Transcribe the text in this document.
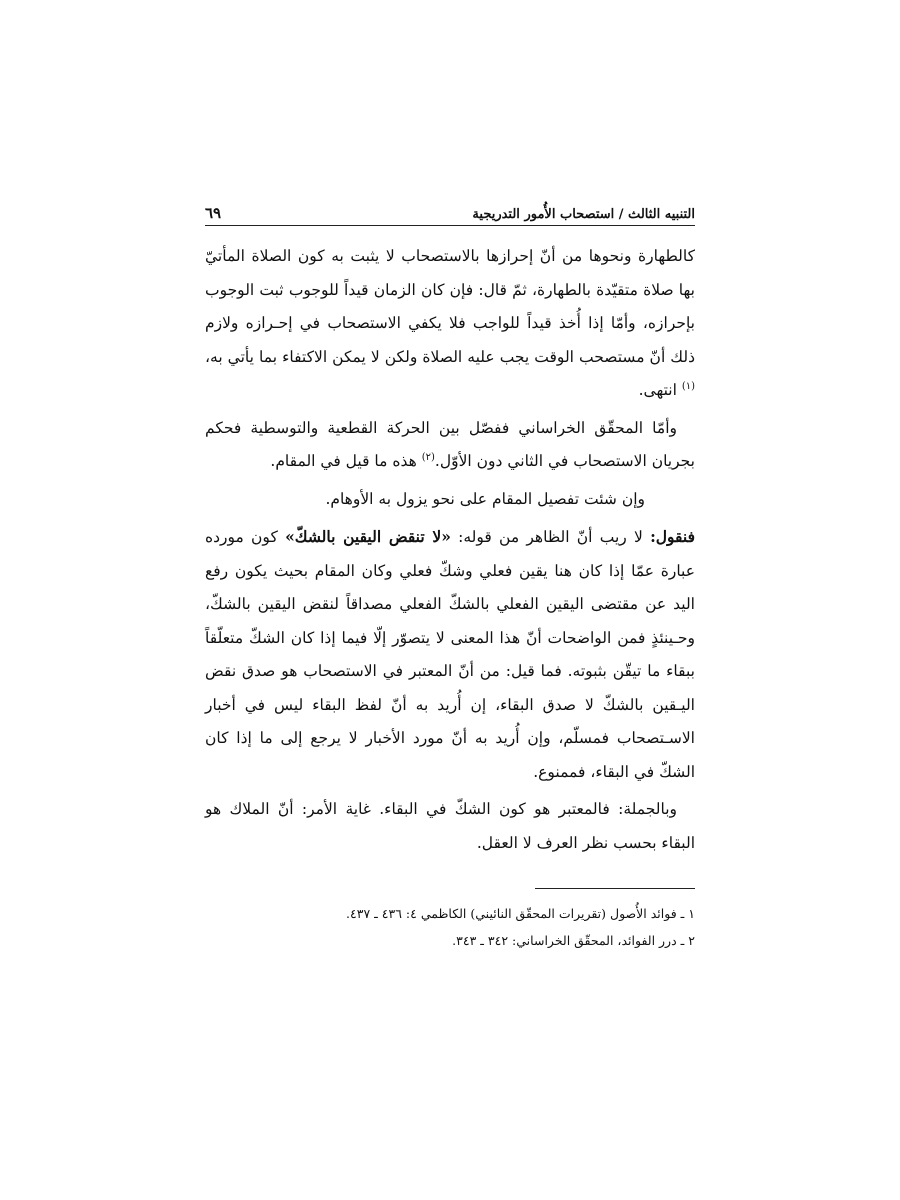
التنبيه الثالث / استصحاب الأُمور التدريجية
٦٩

كالطهارة ونحوها من أنّ إحرازها بالاستصحاب لا يثبت به كون الصلاة المأتيّ بها صلاة متقيّدة بالطهارة، ثمّ قال: فإن كان الزمان قيداً للوجوب ثبت الوجوب بإحرازه، وأمّا إذا أُخذ قيداً للواجب فلا يكفي الاستصحاب في إحـرازه ولازم ذلك أنّ مستصحب الوقت يجب عليه الصلاة ولكن لا يمكن الاكتفاء بما يأتي به،$^{(١)}$ انتهى.

وأمّا المحقّق الخراساني ففصّل بين الحركة القطعية والتوسطية فحكم بجريان الاستصحاب في الثاني دون الأوّل.$^{(٢)}$ هذه ما قيل في المقام.

وإن شئت تفصيل المقام على نحو يزول به الأوهام.

فنقول: لا ريب أنّ الظاهر من قوله: «لا تنقض اليقين بالشكّ» كون مورده عبارة عمّا إذا كان هنا يقين فعلي وشكّ فعلي وكان المقام بحيث يكون رفع اليد عن مقتضى اليقين الفعلي بالشكّ الفعلي مصداقاً لنقض اليقين بالشكّ، وحـينئذٍ فمن الواضحات أنّ هذا المعنى لا يتصوّر إلّا فيما إذا كان الشكّ متعلّقاً ببقاء ما تيقّن بثبوته. فما قيل: من أنّ المعتبر في الاستصحاب هو صدق نقض اليـقين بالشكّ لا صدق البقاء، إن أُريد به أنّ لفظ البقاء ليس في أخبار الاسـتصحاب فمسلّم، وإن أُريد به أنّ مورد الأخبار لا يرجع إلى ما إذا كان الشكّ في البقاء، فممنوع.

وبالجملة: فالمعتبر هو كون الشكّ في البقاء. غاية الأمر: أنّ الملاك هو البقاء بحسب نظر العرف لا العقل.

١ ـ فوائد الأُصول (تقريرات المحقّق النائيني) الكاظمي ٤: ٤٣٦ ـ ٤٣٧.
٢ ـ درر الفوائد، المحقّق الخراساني: ٣٤٢ ـ ٣٤٣.
